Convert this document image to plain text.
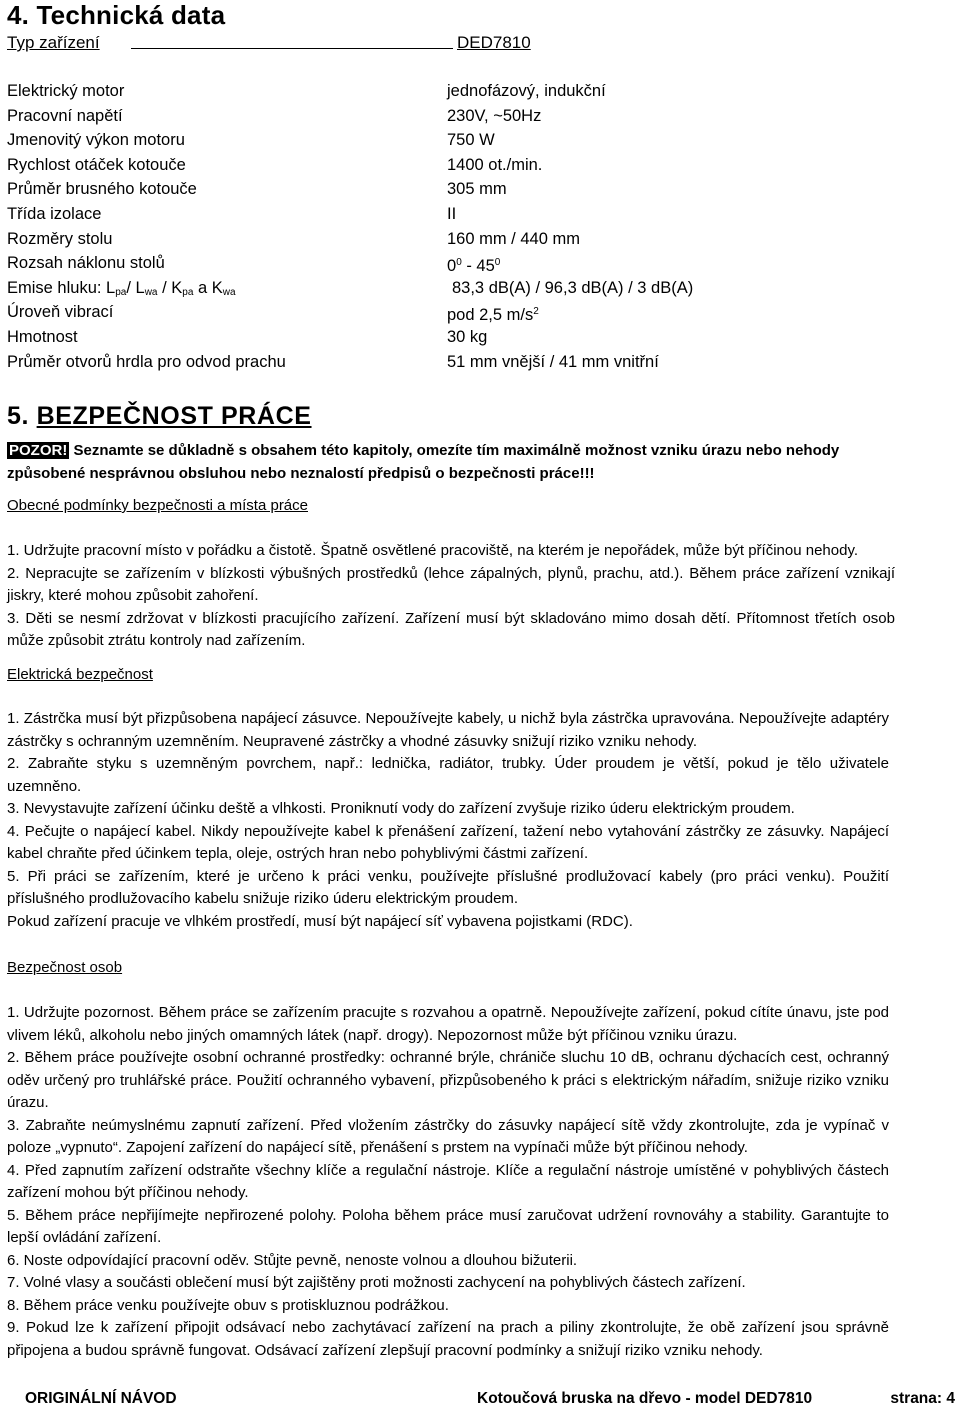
4. Technická data
Typ zařízení	DED7810
Elektrický motor	jednofázový, indukční
Pracovní napětí	230V, ~50Hz
Jmenovitý výkon motoru	750 W
Rychlost otáček kotouče	1400 ot./min.
Průměr brusného kotouče	305 mm
Třída izolace	II
Rozměry stolu	160 mm / 440 mm
Rozsah náklonu stolů	$0^0 - 45^0$
Emise hluku: $L_{pa}/$ $L_{wa} / K_{pa}$ a $K_{wa}$	83,3 dB(A) / 96,3 dB(A) / 3 dB(A)
Úroveň vibrací	pod 2,5 $m/s^2$
Hmotnost	30 kg
Průměr otvorů hrdla pro odvod prachu	51 mm vnější / 41 mm vnitřní
5. BEZPEČNOST PRÁCE
POZOR! Seznamte se důkladně s obsahem této kapitoly, omezíte tím maximálně možnost vzniku úrazu nebo nehody způsobené nesprávnou obsluhou nebo neznalostí předpisů o bezpečnosti práce!!!
Obecné podmínky bezpečnosti a místa práce

1. Udržujte pracovní místo v pořádku a čistotě. Špatně osvětlené pracoviště, na kterém je nepořádek, může být příčinou nehody.

2. Nepracujte se zařízením v blízkosti výbušných prostředků (lehce zápalných, plynů, prachu, atd.). Během práce zařízení vznikají jiskry, které mohou způsobit zahoření.

3. Děti se nesmí zdržovat v blízkosti pracujícího zařízení. Zařízení musí být skladováno mimo dosah dětí. Přítomnost třetích osob může způsobit ztrátu kontroly nad zařízením.

Elektrická bezpečnost

1. Zástrčka musí být přizpůsobena napájecí zásuvce. Nepoužívejte kabely, u nichž byla zástrčka upravována. Nepoužívejte adaptéry zástrčky s ochranným uzemněním. Neupravené zástrčky a vhodné zásuvky snižují riziko vzniku nehody.

2. Zabraňte styku s uzemněným povrchem, např.: lednička, radiátor, trubky. Úder proudem je větší, pokud je tělo uživatele uzemněno.

3. Nevystavujte zařízení účinku deště a vlhkosti. Proniknutí vody do zařízení zvyšuje riziko úderu elektrickým proudem.

4. Pečujte o napájecí kabel. Nikdy nepoužívejte kabel k přenášení zařízení, tažení nebo vytahování zástrčky ze zásuvky. Napájecí kabel chraňte před účinkem tepla, oleje, ostrých hran nebo pohyblivými částmi zařízení.

5. Při práci se zařízením, které je určeno k práci venku, používejte příslušné prodlužovací kabely (pro práci venku). Použití příslušného prodlužovacího kabelu snižuje riziko úderu elektrickým proudem.

Pokud zařízení pracuje ve vlhkém prostředí, musí být napájecí síť vybavena pojistkami (RDC).

Bezpečnost osob

1. Udržujte pozornost. Během práce se zařízením pracujte s rozvahou a opatrně. Nepoužívejte zařízení, pokud cítíte únavu, jste pod vlivem léků, alkoholu nebo jiných omamných látek (např. drogy). Nepozornost může být příčinou vzniku úrazu.

2. Během práce používejte osobní ochranné prostředky: ochranné brýle, chrániče sluchu 10 dB, ochranu dýchacích cest, ochranný oděv určený pro truhlářské práce. Použití ochranného vybavení, přizpůsobeného k práci s elektrickým nářadím, snižuje riziko vzniku úrazu.

3. Zabraňte neúmyslnému zapnutí zařízení. Před vložením zástrčky do zásuvky napájecí sítě vždy zkontrolujte, zda je vypínač v poloze „vypnuto“. Zapojení zařízení do napájecí sítě, přenášení s prstem na vypínači může být příčinou nehody.

4. Před zapnutím zařízení odstraňte všechny klíče a regulační nástroje. Klíče a regulační nástroje umístěné v pohyblivých částech zařízení mohou být příčinou nehody.

5. Během práce nepřijímejte nepřirozené polohy. Poloha během práce musí zaručovat udržení rovnováhy a stability. Garantujte to lepší ovládání zařízení.

6. Noste odpovídající pracovní oděv. Stůjte pevně, nenoste volnou a dlouhou bižuterii.

7. Volné vlasy a součásti oblečení musí být zajištěny proti možnosti zachycení na pohyblivých částech zařízení.

8. Během práce venku používejte obuv s protiskluznou podrážkou.

9. Pokud lze k zařízení připojit odsávací nebo zachytávací zařízení na prach a piliny zkontrolujte, že obě zařízení jsou správně připojena a budou správně fungovat. Odsávací zařízení zlepšují pracovní podmínky a snižují riziko vzniku nehody.

ORIGINÁLNÍ NÁVOD	Kotoučová bruska na dřevo - model DED7810	strana: 4
